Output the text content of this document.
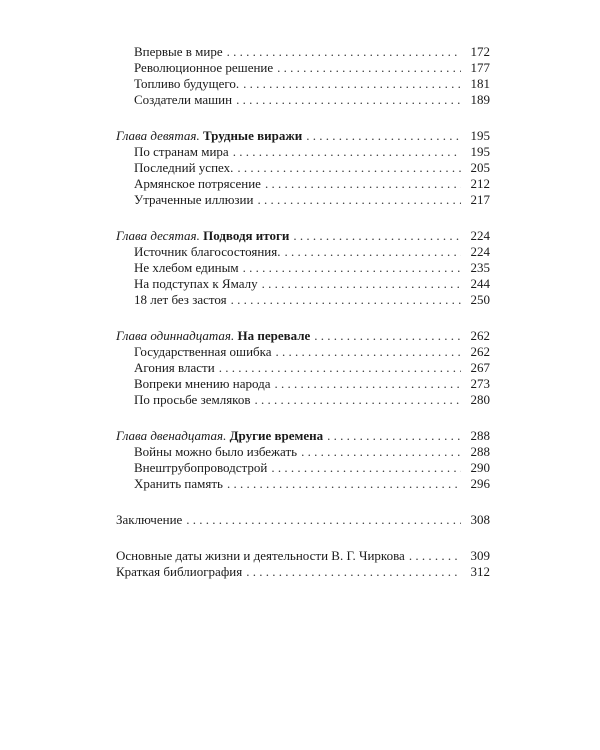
Впервые в мире . . .	172
Революционное решение . . .	177
Топливо будущего. . . .	181
Создатели машин . . .	189
Глава девятая. Трудные виражи . . .	195
По странам мира . . .	195
Последний успех. . . .	205
Армянское потрясение . . .	212
Утраченные иллюзии . . .	217
Глава десятая. Подводя итоги . . .	224
Источник благосостояния. . . .	224
Не хлебом единым . . .	235
На подступах к Ямалу . . .	244
18 лет без застоя . . .	250
Глава одиннадцатая. На перевале . . .	262
Государственная ошибка . . .	262
Агония власти . . .	267
Вопреки мнению народа . . .	273
По просьбе земляков . . .	280
Глава двенадцатая. Другие времена . . .	288
Войны можно было избежать . . .	288
Внештрубопроводстрой . . .	290
Хранить память . . .	296
Заключение . . .	308
Основные даты жизни и деятельности В. Г. Чиркова . . .	309
Краткая библиография . . .	312
